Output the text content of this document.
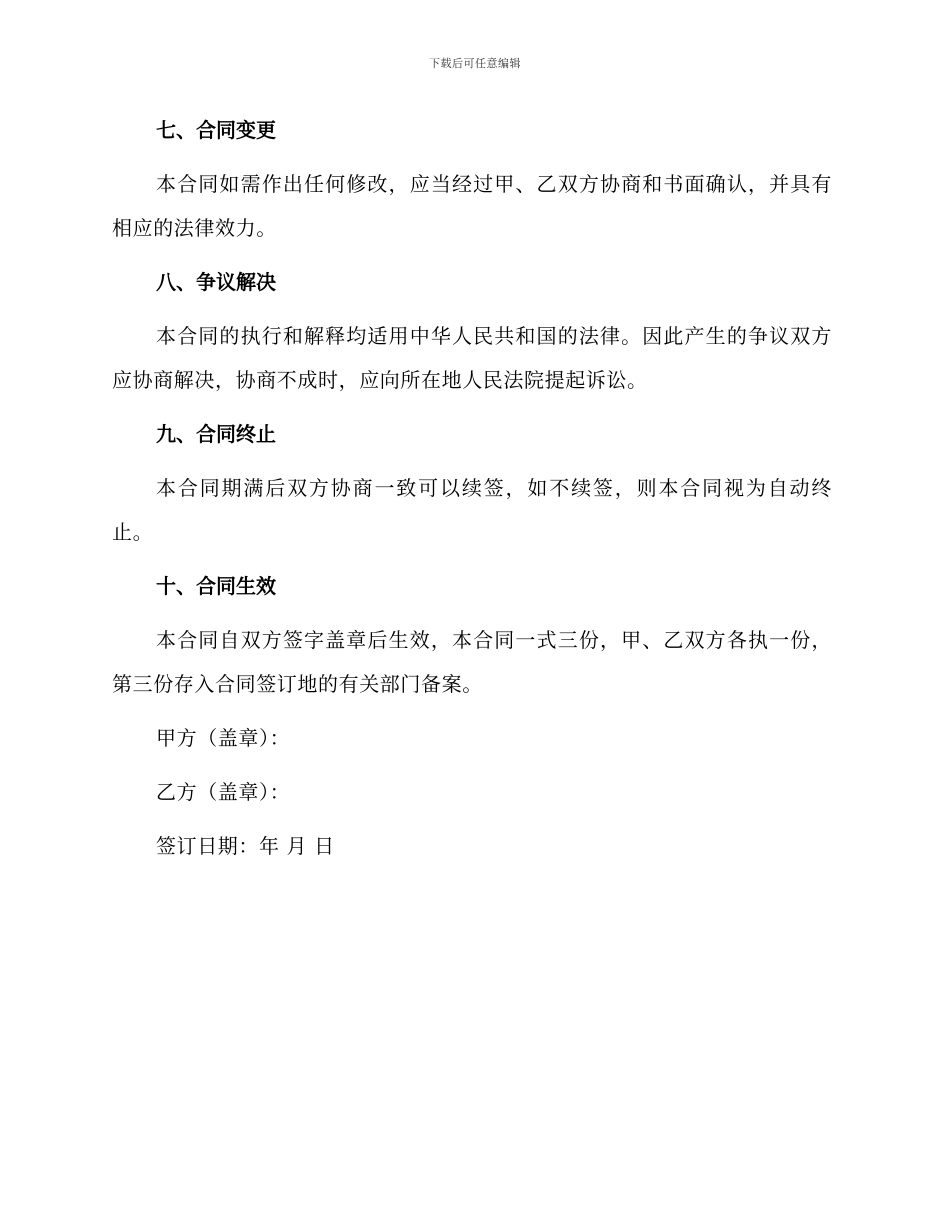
下载后可任意编辑
七、合同变更
本合同如需作出任何修改，应当经过甲、乙双方协商和书面确认，并具有相应的法律效力。
八、争议解决
本合同的执行和解释均适用中华人民共和国的法律。因此产生的争议双方应协商解决，协商不成时，应向所在地人民法院提起诉讼。
九、合同终止
本合同期满后双方协商一致可以续签，如不续签，则本合同视为自动终止。
十、合同生效
本合同自双方签字盖章后生效，本合同一式三份，甲、乙双方各执一份，第三份存入合同签订地的有关部门备案。
甲方（盖章）：
乙方（盖章）：
签订日期：年 月 日
